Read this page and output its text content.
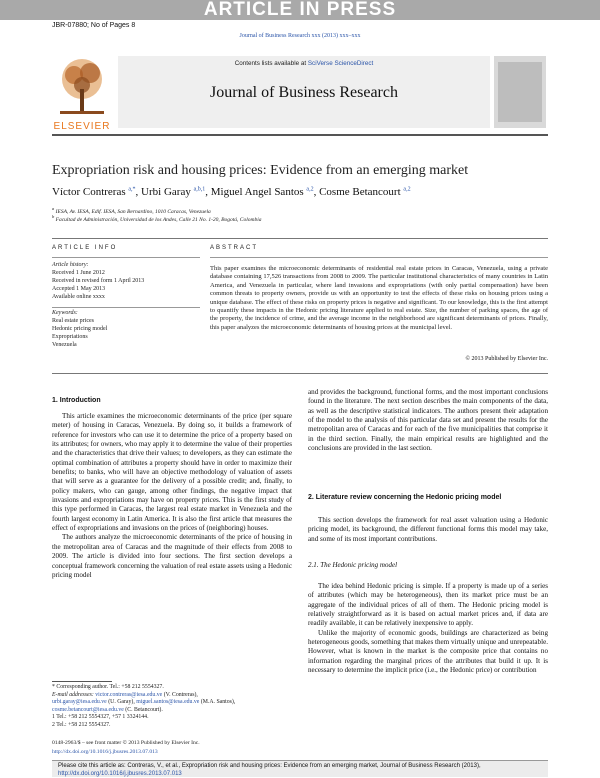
ARTICLE IN PRESS
JBR-07880; No of Pages 8
Journal of Business Research xxx (2013) xxx–xxx
ELSEVIER
Contents lists available at SciVerse ScienceDirect
Journal of Business Research
Expropriation risk and housing prices: Evidence from an emerging market
Víctor Contreras $^{a,*}$, Urbi Garay $^{a,b,1}$, Miguel Angel Santos $^{a,2}$, Cosme Betancourt $^{a,2}$
$^a$ IESA, Av. IESA, Edif. IESA, San Bernardino, 1010 Caracas, Venezuela
$^b$ Facultad de Administración, Universidad de los Andes, Calle 21 No. 1-20, Bogotá, Colombia
ARTICLE INFO	ABSTRACT
Article history:
Received 1 June 2012
Received in revised form 1 April 2013
Accepted 1 May 2013
Available online xxxx
Keywords:
Real estate prices
Hedonic pricing model
Expropriations
Venezuela
This paper examines the microeconomic determinants of residential real estate prices in Caracas, Venezuela, using a private database containing 17,526 transactions from 2008 to 2009. The particular institutional characteristics of many countries in Latin America, and Venezuela in particular, where land invasions and expropriations (with only partial compensation) have been common threats to property owners, provide us with an opportunity to test the effects of these risks on housing prices using a unique database. The effect of these risks on property prices is negative and significant. To our knowledge, this is the first attempt to quantify these impacts in the Hedonic pricing literature applied to real estate. Size, the number of parking spaces, the age of the property, the incidence of crime, and the average income in the neighborhood are significant determinants of prices. Finally, this paper analyzes the microeconomic determinants of housing prices at the municipal level.
© 2013 Published by Elsevier Inc.
1. Introduction

This article examines the microeconomic determinants of the price (per square meter) of housing in Caracas, Venezuela. By doing so, it builds a framework of reference for investors who can use it to determine the price of a property based on its attributes; for owners, who may apply it to determine the value of their properties and the characteristics that drive their values; to developers, as they can estimate the optimal combination of attributes a property should have in order to maximize their benefits; to banks, who will have an objective methodology of valuation of assets that will serve as a guarantee for the delivery of a possible credit; and, finally, to policy makers, who can gauge, among other findings, the negative impact that invasions and expropriations may have on property prices. This is the first study of this type performed in Caracas, the largest real estate market in Venezuela and the fourth largest economy in Latin America. It is also the first article that measures the effect of expropriations and invasions on the prices of (neighboring) houses.

The authors analyze the microeconomic determinants of the price of housing in the metropolitan area of Caracas and the magnitude of their effects from 2008 to 2009. The article is divided into four sections. The first section develops a conceptual framework concerning the valuation of real estate assets using a Hedonic pricing model

* Corresponding author. Tel.: +58 212 5554327.
E-mail addresses: victor.contreras@iesa.edu.ve (V. Contreras),
urbi.garay@iesa.edu.ve (U. Garay), miguel.santos@iesa.edu.ve (M.A. Santos),
cosme.betancourt@iesa.edu.ve (C. Betancourt).
1 Tel.: +58 212 5554327, +57 1 3324144.
2 Tel.: +58 212 5554327.

and provides the background, functional forms, and the most important conclusions found in the literature. The next section describes the main components of the data, as well as the descriptive statistical indicators. The authors present their adaptation of the model to the analysis of this particular data set and present the results for the metropolitan area of Caracas and for each of the five municipalities that comprise it in the third section. Finally, the main empirical results are highlighted and the conclusions are provided in the last section.

2. Literature review concerning the Hedonic pricing model

This section develops the framework for real asset valuation using a Hedonic pricing model, its background, the different functional forms this model may take, and some of its most important contributions.

2.1. The Hedonic pricing model

The idea behind Hedonic pricing is simple. If a property is made up of a series of attributes (which may be heterogeneous), then its market price must be an aggregate of the individual prices of all of them. The Hedonic pricing model is relatively straightforward as it is based on actual market prices and, if data are readily available, it can be relatively inexpensive to apply.

Unlike the majority of economic goods, buildings are characterized as being heterogeneous goods, something that makes them virtually unique and unrepeatable. However, what is known in the market is the composite price that contains no information regarding the marginal prices of the attributes that build it up. It is necessary to determine the implicit price (i.e., the Hedonic price) or contribution

0148-2963/$ – see front matter © 2013 Published by Elsevier Inc.
http://dx.doi.org/10.1016/j.jbusres.2013.07.013
Please cite this article as: Contreras, V., et al., Expropriation risk and housing prices: Evidence from an emerging market, Journal of Business Research (2013), http://dx.doi.org/10.1016/j.jbusres.2013.07.013
